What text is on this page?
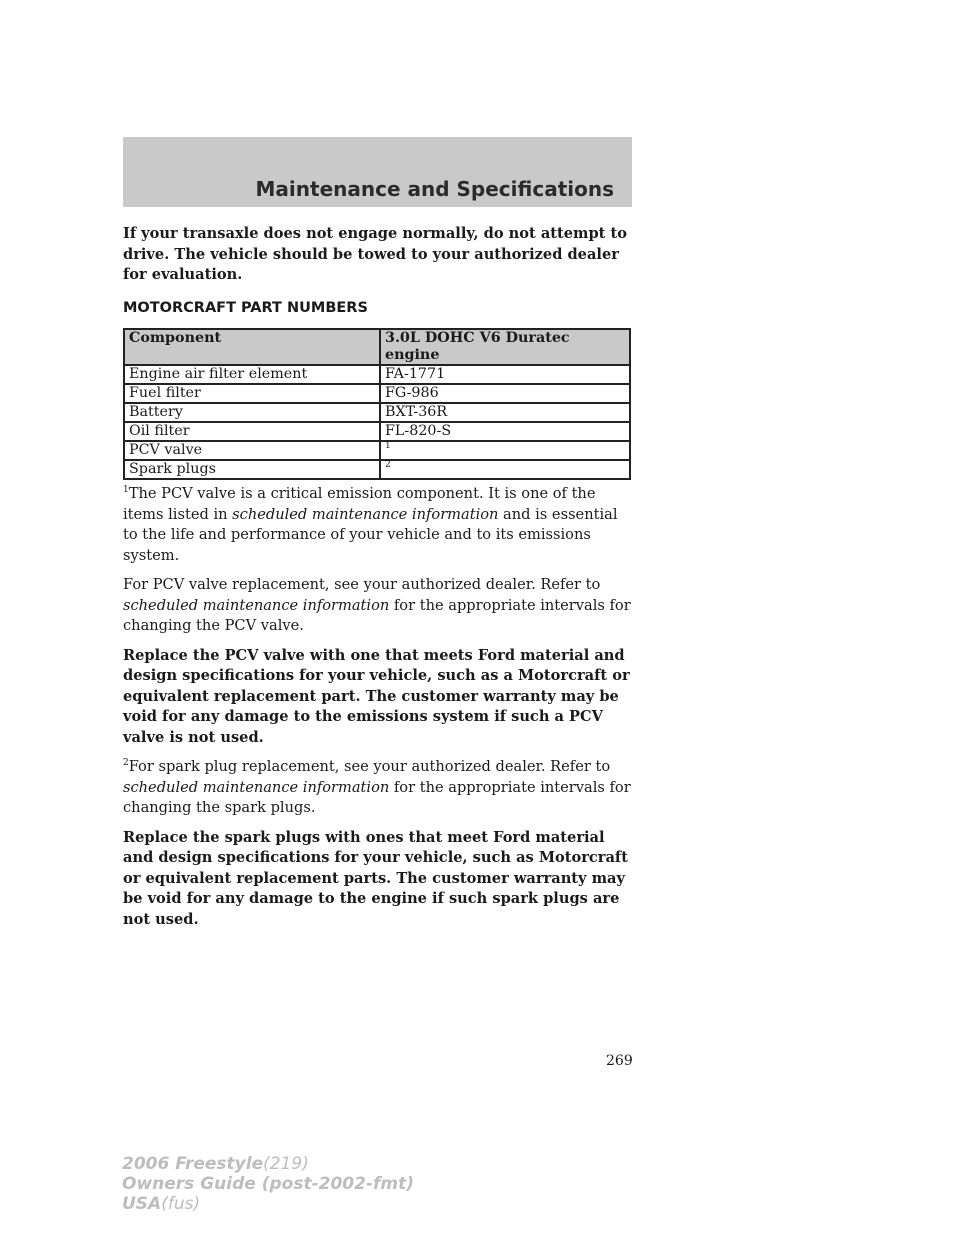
Maintenance and Specifications

If your transaxle does not engage normally, do not attempt to drive. The vehicle should be towed to your authorized dealer for evaluation.

MOTORCRAFT PART NUMBERS
Component	3.0L DOHC V6 Duratec engine
Engine air filter element	FA-1771
Fuel filter	FG-986
Battery	BXT-36R
Oil filter	FL-820-S
PCV valve	$^1$
Spark plugs	$^2$

$^1$The PCV valve is a critical emission component. It is one of the items listed in scheduled maintenance information and is essential to the life and performance of your vehicle and to its emissions system.

For PCV valve replacement, see your authorized dealer. Refer to scheduled maintenance information for the appropriate intervals for changing the PCV valve.

Replace the PCV valve with one that meets Ford material and design specifications for your vehicle, such as a Motorcraft or equivalent replacement part. The customer warranty may be void for any damage to the emissions system if such a PCV valve is not used.

$^2$For spark plug replacement, see your authorized dealer. Refer to scheduled maintenance information for the appropriate intervals for changing the spark plugs.

Replace the spark plugs with ones that meet Ford material and design specifications for your vehicle, such as Motorcraft or equivalent replacement parts. The customer warranty may be void for any damage to the engine if such spark plugs are not used.

269
2006 Freestyle(219)
Owners Guide (post-2002-fmt)
USA(fus)
